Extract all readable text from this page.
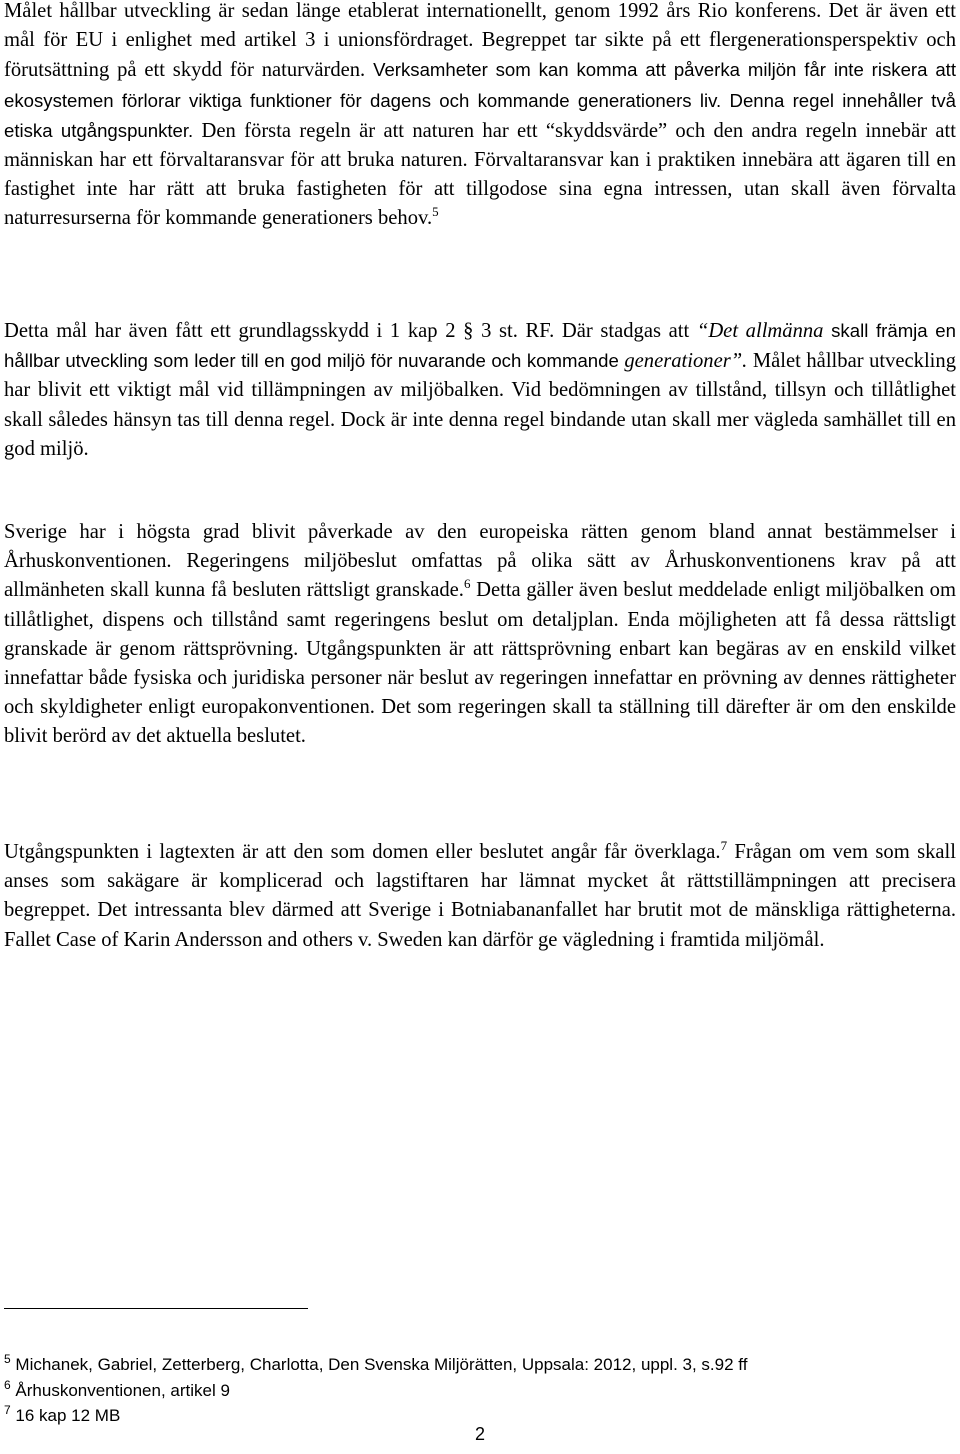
Målet hållbar utveckling är sedan länge etablerat internationellt, genom 1992 års Rio konferens. Det är även ett mål för EU i enlighet med artikel 3 i unionsfördraget. Begreppet tar sikte på ett flergenerationsperspektiv och förutsättning på ett skydd för naturvärden. Verksamheter som kan komma att påverka miljön får inte riskera att ekosystemen förlorar viktiga funktioner för dagens och kommande generationers liv. Denna regel innehåller två etiska utgångspunkter. Den första regeln är att naturen har ett “skyddsvärde” och den andra regeln innebär att människan har ett förvaltaransvar för att bruka naturen. Förvaltaransvar kan i praktiken innebära att ägaren till en fastighet inte har rätt att bruka fastigheten för att tillgodose sina egna intressen, utan skall även förvalta naturresurserna för kommande generationers behov.$^5$

Detta mål har även fått ett grundlagsskydd i 1 kap 2 § 3 st. RF. Där stadgas att “Det allmänna skall främja en hållbar utveckling som leder till en god miljö för nuvarande och kommande generationer”. Målet hållbar utveckling har blivit ett viktigt mål vid tillämpningen av miljöbalken. Vid bedömningen av tillstånd, tillsyn och tillåtlighet skall således hänsyn tas till denna regel. Dock är inte denna regel bindande utan skall mer vägleda samhället till en god miljö.

Sverige har i högsta grad blivit påverkade av den europeiska rätten genom bland annat bestämmelser i Århuskonventionen. Regeringens miljöbeslut omfattas på olika sätt av Århuskonventionens krav på att allmänheten skall kunna få besluten rättsligt granskade.$^6$ Detta gäller även beslut meddelade enligt miljöbalken om tillåtlighet, dispens och tillstånd samt regeringens beslut om detaljplan. Enda möjligheten att få dessa rättsligt granskade är genom rättsprövning. Utgångspunkten är att rättsprövning enbart kan begäras av en enskild vilket innefattar både fysiska och juridiska personer när beslut av regeringen innefattar en prövning av dennes rättigheter och skyldigheter enligt europakonventionen. Det som regeringen skall ta ställning till därefter är om den enskilde blivit berörd av det aktuella beslutet.

Utgångspunkten i lagtexten är att den som domen eller beslutet angår får överklaga.$^7$ Frågan om vem som skall anses som sakägare är komplicerad och lagstiftaren har lämnat mycket åt rättstillämpningen att precisera begreppet. Det intressanta blev därmed att Sverige i Botniabananfallet har brutit mot de mänskliga rättigheterna. Fallet Case of Karin Andersson and others v. Sweden kan därför ge vägledning i framtida miljömål.

$^5$ Michanek, Gabriel, Zetterberg, Charlotta, Den Svenska Miljörätten, Uppsala: 2012, uppl. 3, s.92 ff
$^6$ Århuskonventionen, artikel 9
$^7$ 16 kap 12 MB
2
